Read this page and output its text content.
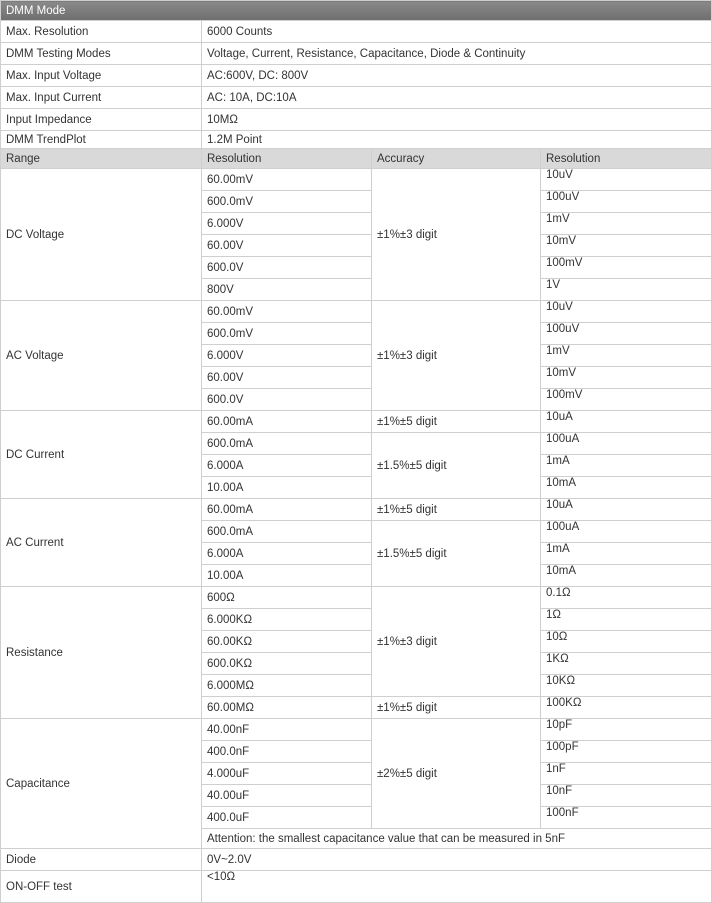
DMM Mode			
Max. Resolution	6000 Counts		
DMM Testing Modes	Voltage, Current, Resistance, Capacitance, Diode & Continuity		
Max. Input Voltage	AC:600V, DC: 800V		
Max. Input Current	AC: 10A, DC:10A		
Input Impedance	10MΩ		
DMM TrendPlot	1.2M Point		
Range	Resolution	Accuracy	Resolution
DC Voltage	60.00mV	±1%±3 digit	10uV
	600.0mV		100uV
	6.000V		1mV
	60.00V		10mV
	600.0V		100mV
	800V		1V
AC Voltage	60.00mV	±1%±3 digit	10uV
	600.0mV		100uV
	6.000V		1mV
	60.00V		10mV
	600.0V		100mV
DC Current	60.00mA	±1%±5 digit	10uA
	600.0mA	±1.5%±5 digit	100uA
	6.000A		1mA
	10.00A		10mA
AC Current	60.00mA	±1%±5 digit	10uA
	600.0mA	±1.5%±5 digit	100uA
	6.000A		1mA
	10.00A		10mA
Resistance	600Ω	±1%±3 digit	0.1Ω
	6.000KΩ		1Ω
	60.00KΩ		10Ω
	600.0KΩ		1KΩ
	6.000MΩ		10KΩ
	60.00MΩ	±1%±5 digit	100KΩ
Capacitance	40.00nF	±2%±5 digit	10pF
	400.0nF		100pF
	4.000uF		1nF
	40.00uF		10nF
	400.0uF		100nF
	Attention: the smallest capacitance value that can be measured in 5nF		
Diode	0V~2.0V		
ON-OFF test	<10Ω		
